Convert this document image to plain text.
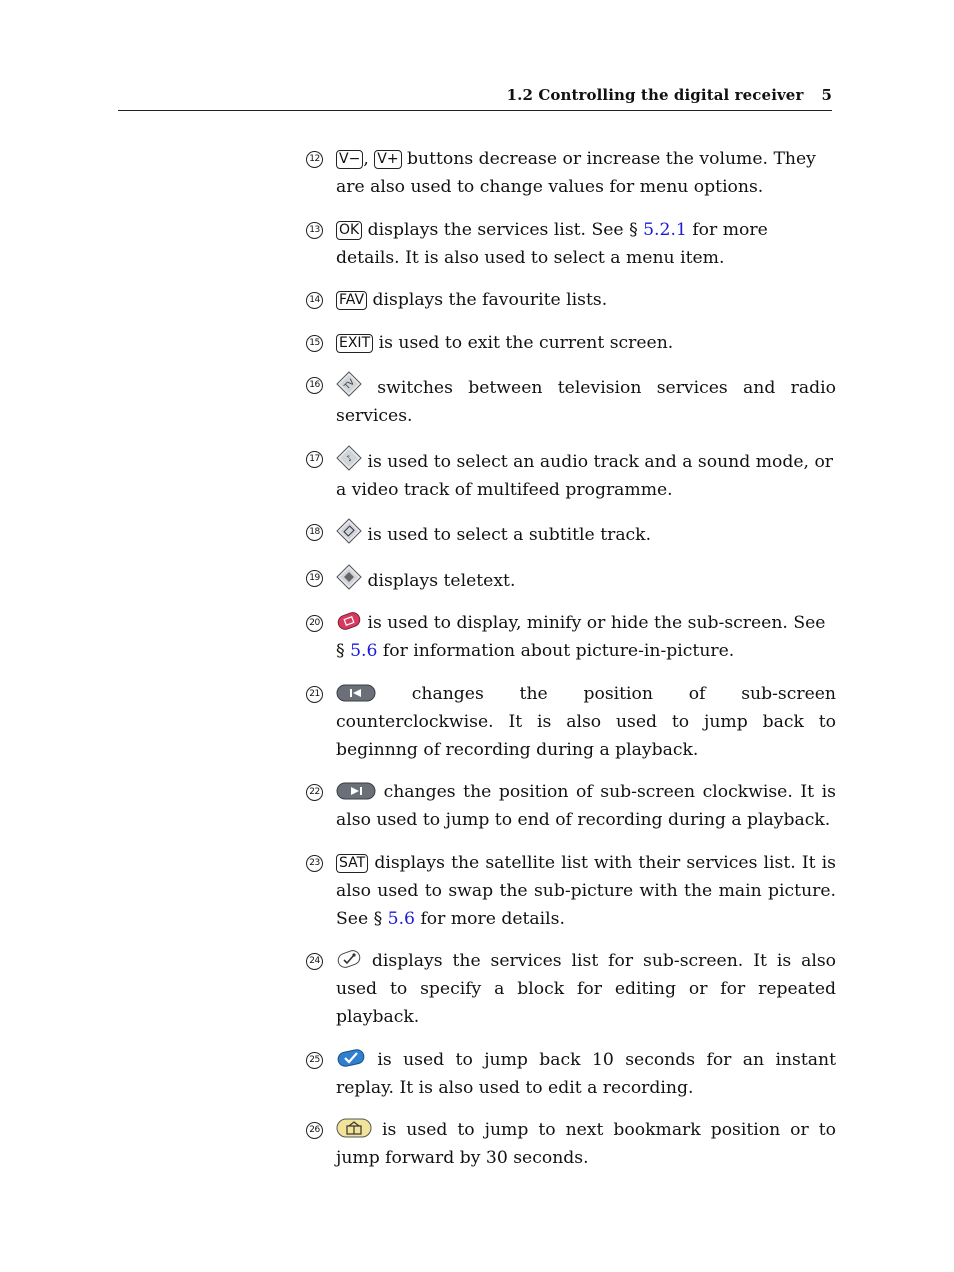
1.2 Controlling the digital receiver 5
12 V− , V+ buttons decrease or increase the volume. They are also used to change values for menu options.
13 OK displays the services list. See § 5.2.1 for more details. It is also used to select a menu item.
14 FAV displays the favourite lists.
15 EXIT is used to exit the current screen.
16	TV switches between television services and radio services.
17	♪ is used to select an audio track and a sound mode, or a video track of multifeed programme.
18 is used to select a subtitle track.
19 displays teletext.
20 is used to display, minify or hide the sub-screen. See § 5.6 for information about picture-in-picture.
21	changes the position of sub-screen counterclockwise. It is also used to jump back to beginnng of recording during a playback.
22	changes the position of sub-screen clockwise. It is also used to jump to end of recording during a playback.
23 SAT displays the satellite list with their services list. It is also used to swap the sub-picture with the main picture. See § 5.6 for more details.
24 displays the services list for sub-screen. It is also used to specify a block for editing or for repeated playback.
25	is used to jump back 10 seconds for an instant replay. It is also used to edit a recording.
26	is used to jump to next bookmark position or to jump forward by 30 seconds.
